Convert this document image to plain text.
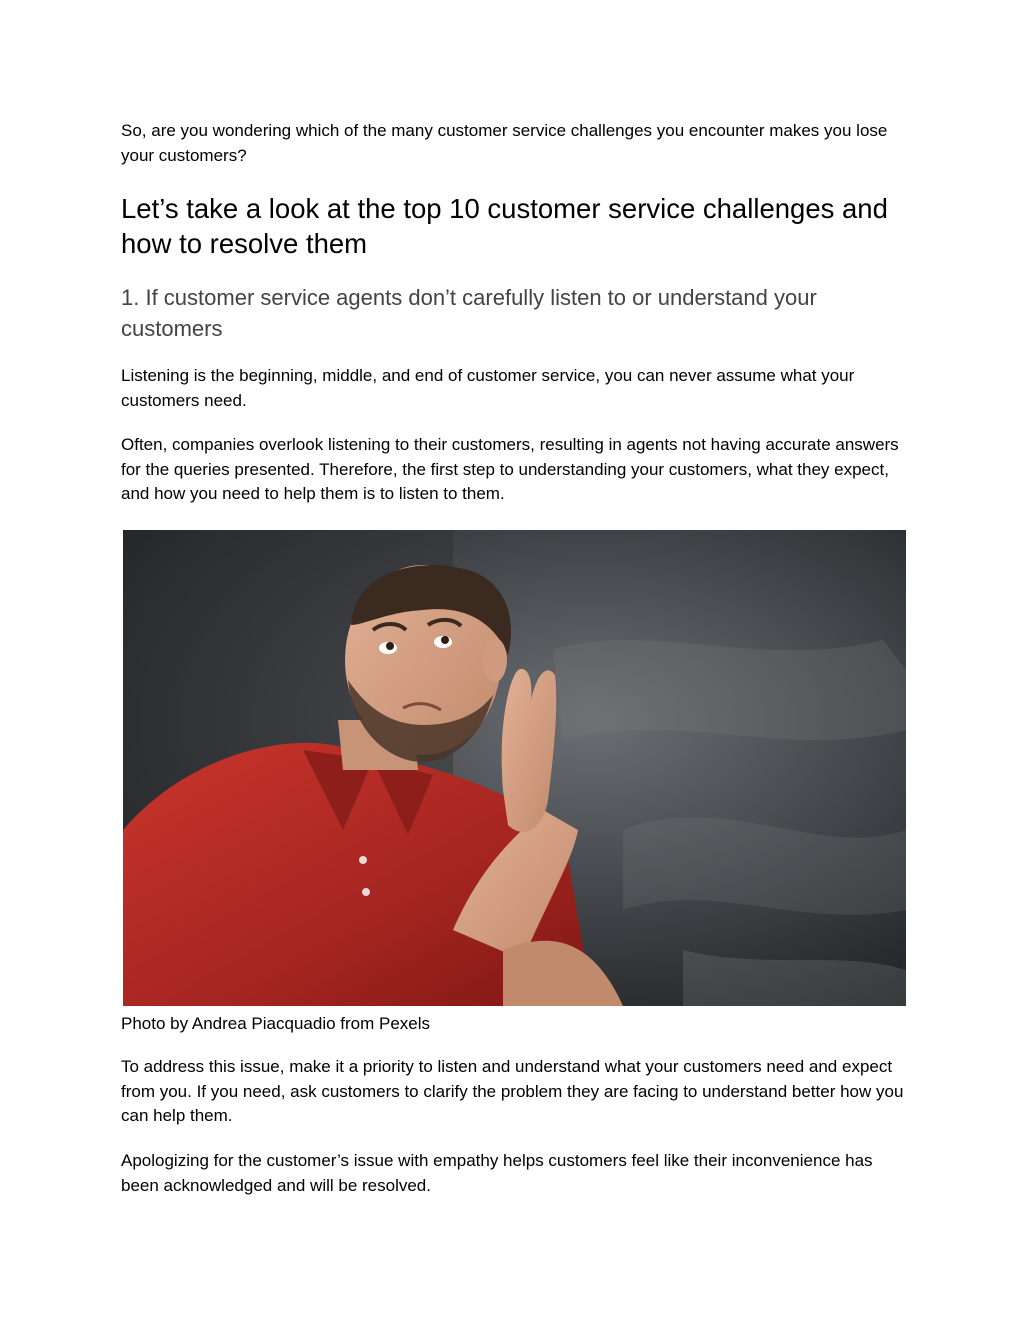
So, are you wondering which of the many customer service challenges you encounter makes you lose your customers?

Let’s take a look at the top 10 customer service challenges and how to resolve them
1. If customer service agents don’t carefully listen to or understand your customers

Listening is the beginning, middle, and end of customer service, you can never assume what your customers need.

Often, companies overlook listening to their customers, resulting in agents not having accurate answers for the queries presented. Therefore, the first step to understanding your customers, what they expect, and how you need to help them is to listen to them.

Photo by Andrea Piacquadio from Pexels

To address this issue, make it a priority to listen and understand what your customers need and expect from you. If you need, ask customers to clarify the problem they are facing to understand better how you can help them.

Apologizing for the customer’s issue with empathy helps customers feel like their inconvenience has been acknowledged and will be resolved.
